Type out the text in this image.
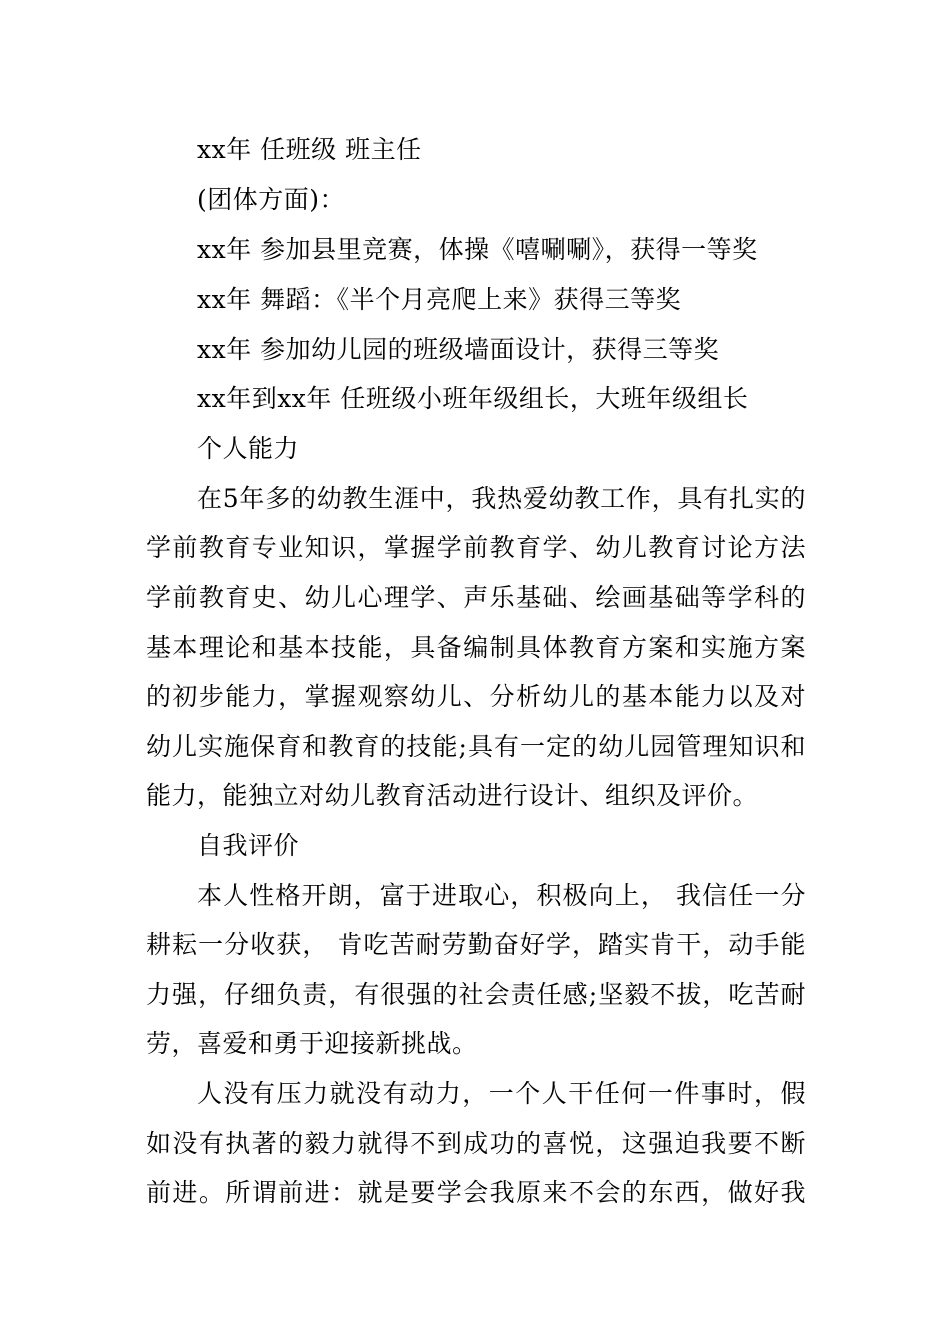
xx年 任班级 班主任
(团体方面)：
xx年 参加县里竞赛，体操《嘻唰唰》，获得一等奖
xx年 舞蹈：《半个月亮爬上来》获得三等奖
xx年 参加幼儿园的班级墙面设计，获得三等奖
xx年到xx年 任班级小班年级组长，大班年级组长
个人能力
在5年多的幼教生涯中，我热爱幼教工作，具有扎实的
学前教育专业知识，掌握学前教育学、幼儿教育讨论方法
学前教育史、幼儿心理学、声乐基础、绘画基础等学科的
基本理论和基本技能，具备编制具体教育方案和实施方案
的初步能力，掌握观察幼儿、分析幼儿的基本能力以及对
幼儿实施保育和教育的技能;具有一定的幼儿园管理知识和
能力，能独立对幼儿教育活动进行设计、组织及评价。
自我评价
本人性格开朗，富于进取心，积极向上， 我信任一分
耕耘一分收获， 肯吃苦耐劳勤奋好学，踏实肯干，动手能
力强，仔细负责，有很强的社会责任感;坚毅不拔，吃苦耐
劳，喜爱和勇于迎接新挑战。
人没有压力就没有动力，一个人干任何一件事时，假
如没有执著的毅力就得不到成功的喜悦，这强迫我要不断
前进。所谓前进：就是要学会我原来不会的东西，做好我
